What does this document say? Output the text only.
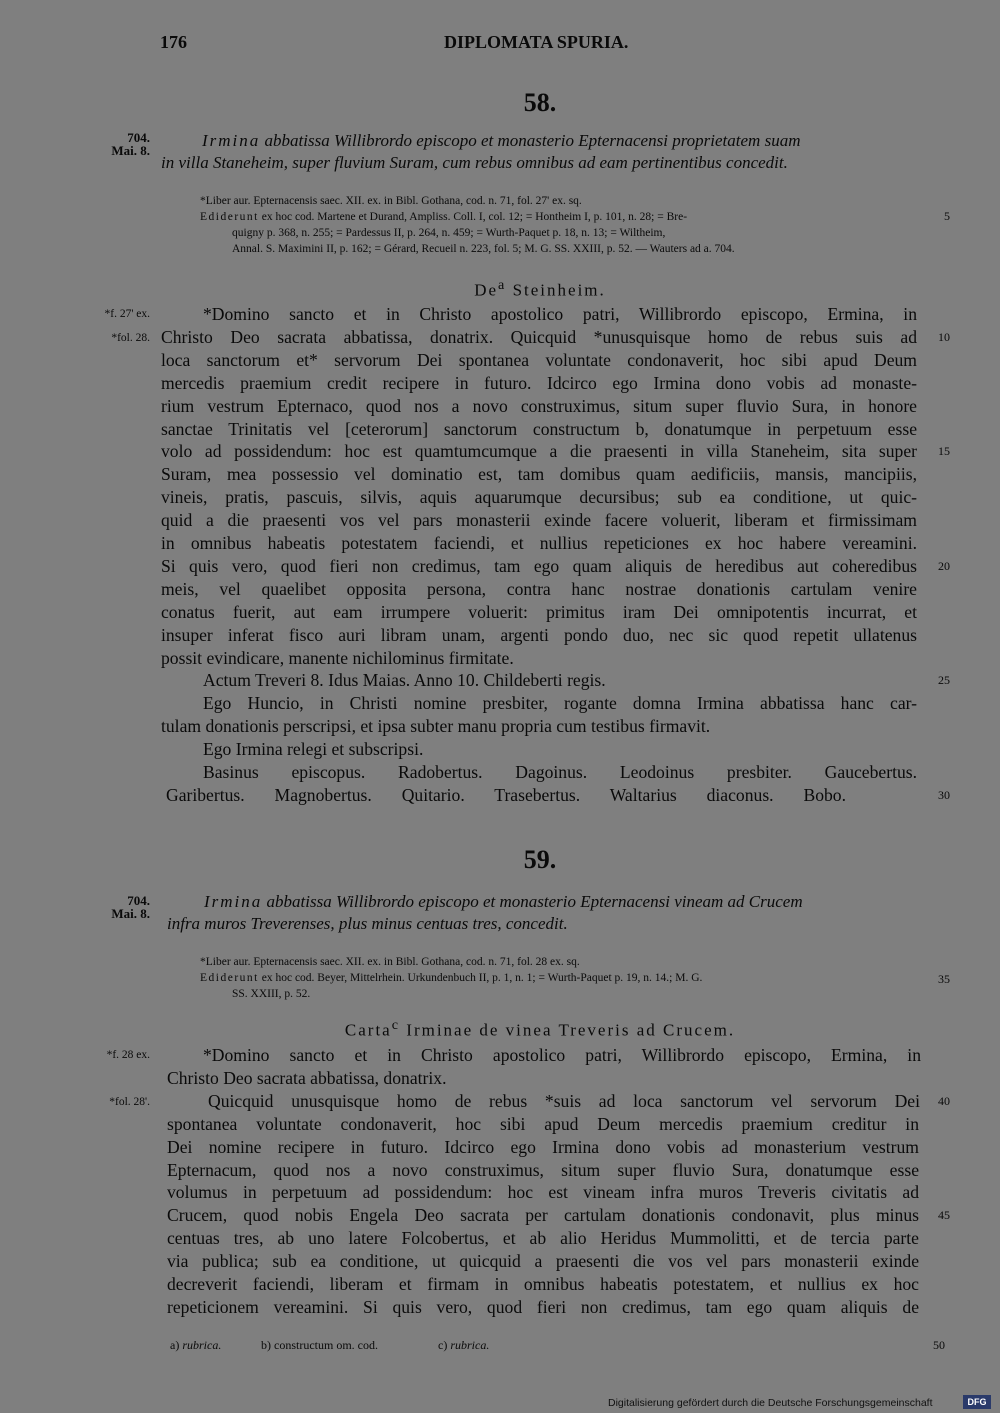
176	DIPLOMATA SPURIA.
58.
704.
Mai. 8.
Irmina abbatissa Willibrordo episcopo et monasterio Epternacensi proprietatem suam
in villa Staneheim, super fluvium Suram, cum rebus omnibus ad eam pertinentibus concedit.
*Liber aur. Epternacensis saec. XII. ex. in Bibl. Gothana, cod. n. 71, fol. 27' ex. sq.
Ediderunt ex hoc cod. Martene et Durand, Ampliss. Coll. I, col. 12; = Hontheim I, p. 101, n. 28; = Bre-
quigny p. 368, n. 255; = Pardessus II, p. 264, n. 459; = Wurth-Paquet p. 18, n. 13; = Wiltheim,
Annal. S. Maximini II, p. 162; = Gérard, Recueil n. 223, fol. 5; M. G. SS. XXIII, p. 52. — Wauters ad a. 704.
5
De$^a$ Steinheim.
*f. 27' ex.
*fol. 28.
*Domino sancto et in Christo apostolico patri, Willibrordo episcopo, Ermina, in
Christo Deo sacrata abbatissa, donatrix. Quicquid *unusquisque homo de rebus suis ad
loca sanctorum et* servorum Dei spontanea voluntate condonaverit, hoc sibi apud Deum
mercedis praemium credit recipere in futuro. Idcirco ego Irmina dono vobis ad monaste-
rium vestrum Epternaco, quod nos a novo construximus, situm super fluvio Sura, in honore
sanctae Trinitatis vel [ceterorum] sanctorum constructum b, donatumque in perpetuum esse
volo ad possidendum: hoc est quamtumcumque a die praesenti in villa Staneheim, sita super
Suram, mea possessio vel dominatio est, tam domibus quam aedificiis, mansis, mancipiis,
vineis, pratis, pascuis, silvis, aquis aquarumque decursibus; sub ea conditione, ut quic-
quid a die praesenti vos vel pars monasterii exinde facere voluerit, liberam et firmissimam
in omnibus habeatis potestatem faciendi, et nullius repeticiones ex hoc habere vereamini.
Si quis vero, quod fieri non credimus, tam ego quam aliquis de heredibus aut coheredibus
meis, vel quaelibet opposita persona, contra hanc nostrae donationis cartulam venire
conatus fuerit, aut eam irrumpere voluerit: primitus iram Dei omnipotentis incurrat, et
insuper inferat fisco auri libram unam, argenti pondo duo, nec sic quod repetit ullatenus
possit evindicare, manente nichilominus firmitate.
Actum Treveri 8. Idus Maias. Anno 10. Childeberti regis.
Ego Huncio, in Christi nomine presbiter, rogante domna Irmina abbatissa hanc car-
tulam donationis perscripsi, et ipsa subter manu propria cum testibus firmavit.
Ego Irmina relegi et subscripsi.
Basinus episcopus. Radobertus. Dagoinus. Leodoinus presbiter. Gaucebertus.
Garibertus. Magnobertus. Quitario. Trasebertus. Waltarius diaconus. Bobo.
10
15
20
25
30
59.
704.
Mai. 8.
Irmina abbatissa Willibrordo episcopo et monasterio Epternacensi vineam ad Crucem
infra muros Treverenses, plus minus centuas tres, concedit.
*Liber aur. Epternacensis saec. XII. ex. in Bibl. Gothana, cod. n. 71, fol. 28 ex. sq.
Ediderunt ex hoc cod. Beyer, Mittelrhein. Urkundenbuch II, p. 1, n. 1; = Wurth-Paquet p. 19, n. 14.; M. G.
SS. XXIII, p. 52.
35
Carta$^c$ Irminae de vinea Treveris ad Crucem.
*f. 28 ex.
*fol. 28'.
*Domino sancto et in Christo apostolico patri, Willibrordo episcopo, Ermina, in
Christo Deo sacrata abbatissa, donatrix.
Quicquid unusquisque homo de rebus *suis ad loca sanctorum vel servorum Dei
spontanea voluntate condonaverit, hoc sibi apud Deum mercedis praemium creditur in
Dei nomine recipere in futuro. Idcirco ego Irmina dono vobis ad monasterium vestrum
Epternacum, quod nos a novo construximus, situm super fluvio Sura, donatumque esse
volumus in perpetuum ad possidendum: hoc est vineam infra muros Treveris civitatis ad
Crucem, quod nobis Engela Deo sacrata per cartulam donationis condonavit, plus minus
centuas tres, ab uno latere Folcobertus, et ab alio Heridus Mummolitti, et de tercia parte
via publica; sub ea conditione, ut quicquid a praesenti die vos vel pars monasterii exinde
decreverit faciendi, liberam et firmam in omnibus habeatis potestatem, et nullius ex hoc
repeticionem vereamini. Si quis vero, quod fieri non credimus, tam ego quam aliquis de
40
45
a) rubrica.	b) constructum om. cod.	c) rubrica.	50
Digitalisierung gefördert durch die Deutsche Forschungsgemeinschaft	DFG
